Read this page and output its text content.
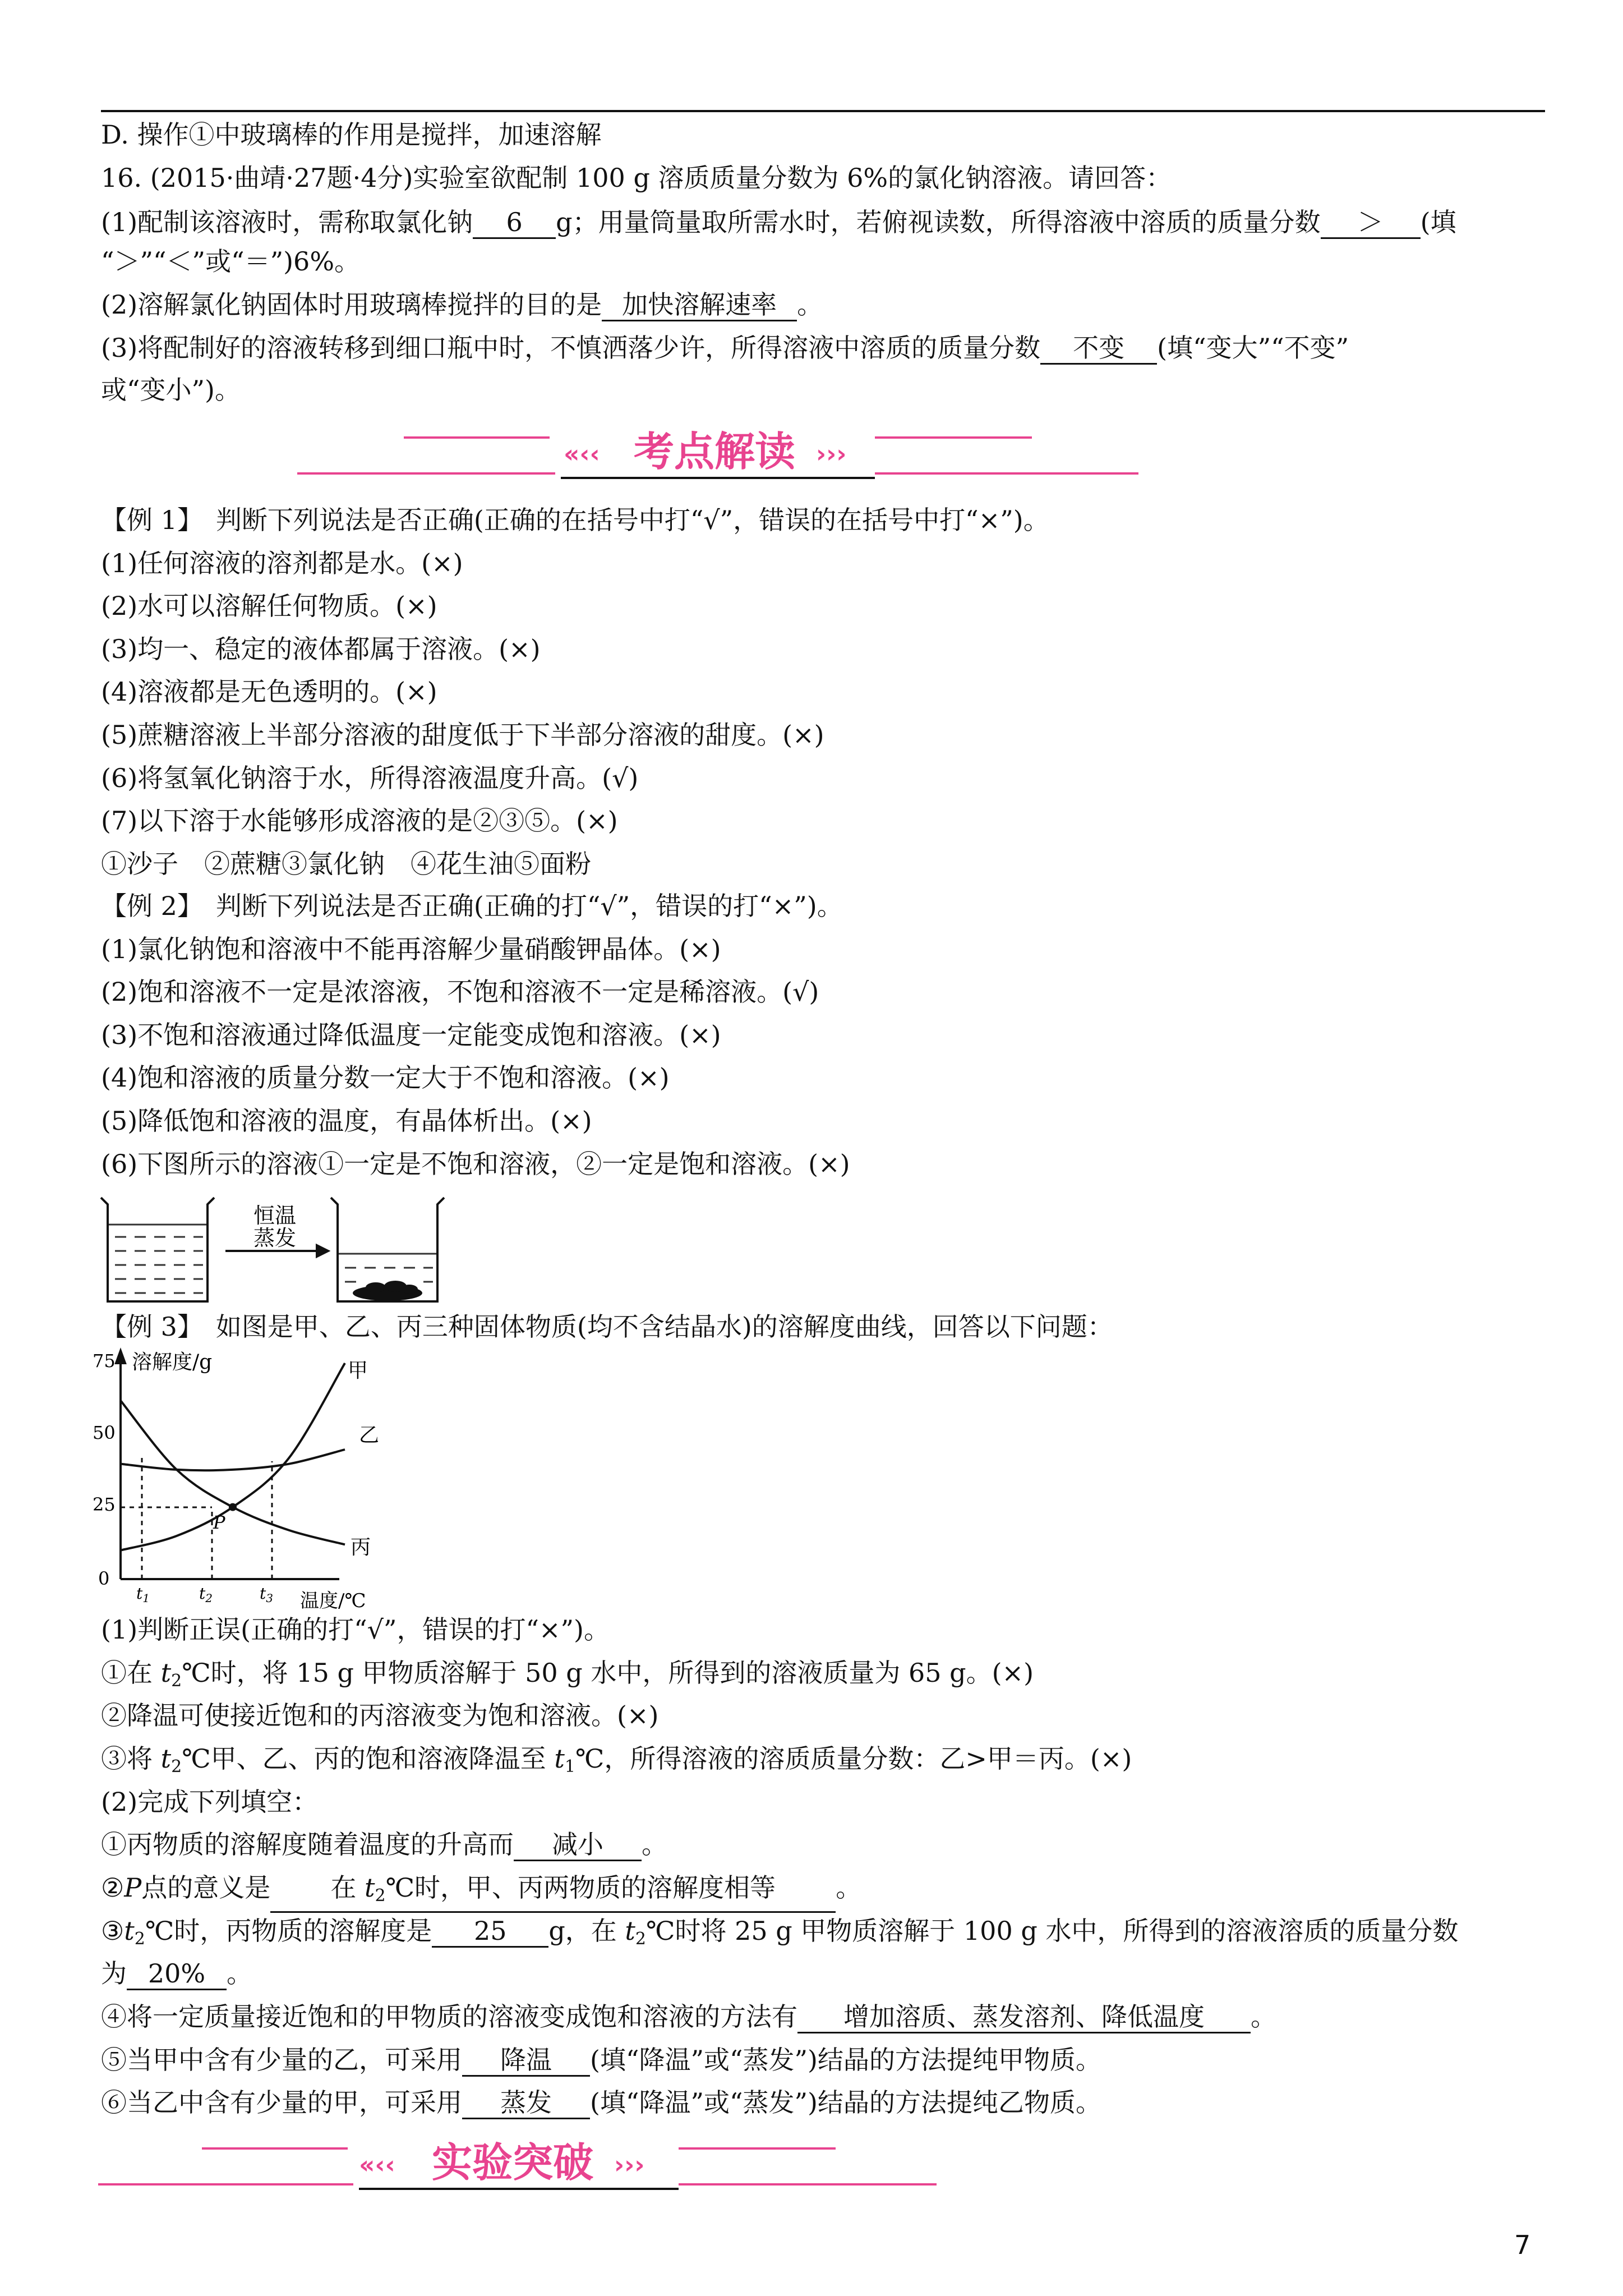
D. 操作①中玻璃棒的作用是搅拌，加速溶解
16. (2015·曲靖·27题·4分)实验室欲配制 100 g 溶质质量分数为 6%的氯化钠溶液。请回答：
(1)配制该溶液时，需称取氯化钠 6 g；用量筒量取所需水时，若俯视读数，所得溶液中溶质的质量分数 ＞ (填
“＞”“＜”或“＝”)6%。
(2)溶解氯化钠固体时用玻璃棒搅拌的目的是 加快溶解速率 。
(3)将配制好的溶液转移到细口瓶中时，不慎洒落少许，所得溶液中溶质的质量分数 不变 (填“变大”“不变”
或“变小”)。
«‹‹ 考点解读 ›››
【例 1】　判断下列说法是否正确(正确的在括号中打“√”，错误的在括号中打“×”)。
(1)任何溶液的溶剂都是水。(×)
(2)水可以溶解任何物质。(×)
(3)均一、稳定的液体都属于溶液。(×)
(4)溶液都是无色透明的。(×)
(5)蔗糖溶液上半部分溶液的甜度低于下半部分溶液的甜度。(×)
(6)将氢氧化钠溶于水，所得溶液温度升高。(√)
(7)以下溶于水能够形成溶液的是②③⑤。(×)
①沙子　②蔗糖③氯化钠　④花生油⑤面粉
【例 2】　判断下列说法是否正确(正确的打“√”，错误的打“×”)。
(1)氯化钠饱和溶液中不能再溶解少量硝酸钾晶体。(×)
(2)饱和溶液不一定是浓溶液，不饱和溶液不一定是稀溶液。(√)
(3)不饱和溶液通过降低温度一定能变成饱和溶液。(×)
(4)饱和溶液的质量分数一定大于不饱和溶液。(×)
(5)降低饱和溶液的温度，有晶体析出。(×)
(6)下图所示的溶液①一定是不饱和溶液，②一定是饱和溶液。(×)
恒温
蒸发
【例 3】　如图是甲、乙、丙三种固体物质(均不含结晶水)的溶解度曲线，回答以下问题：
溶解度/g
温度/℃
0
25
50
75
$t_1$	$t_2$	$t_3$
P
甲
乙
丙
(1)判断正误(正确的打“√”，错误的打“×”)。
①在 $t_2℃$时，将 15 g 甲物质溶解于 50 g 水中，所得到的溶液质量为 65 g。(×)
②降温可使接近饱和的丙溶液变为饱和溶液。(×)
③将 $t_2℃$甲、乙、丙的饱和溶液降温至 $t_1℃$，所得溶液的溶质质量分数：乙>甲＝丙。(×)
(2)完成下列填空：
①丙物质的溶解度随着温度的升高而 减小 。
②P点的意义是 在 $t_2℃$时，甲、丙两物质的溶解度相等 。
$③t_2℃$时，丙物质的溶解度是 25 g，在 $t_2℃$时将 25 g 甲物质溶解于 100 g 水中，所得到的溶液溶质的质量分数
为 20% 。
④将一定质量接近饱和的甲物质的溶液变成饱和溶液的方法有 增加溶质、蒸发溶剂、降低温度 。
⑤当甲中含有少量的乙，可采用 降温 (填“降温”或“蒸发”)结晶的方法提纯甲物质。
⑥当乙中含有少量的甲，可采用 蒸发 (填“降温”或“蒸发”)结晶的方法提纯乙物质。
«‹‹ 实验突破 ›››
7
